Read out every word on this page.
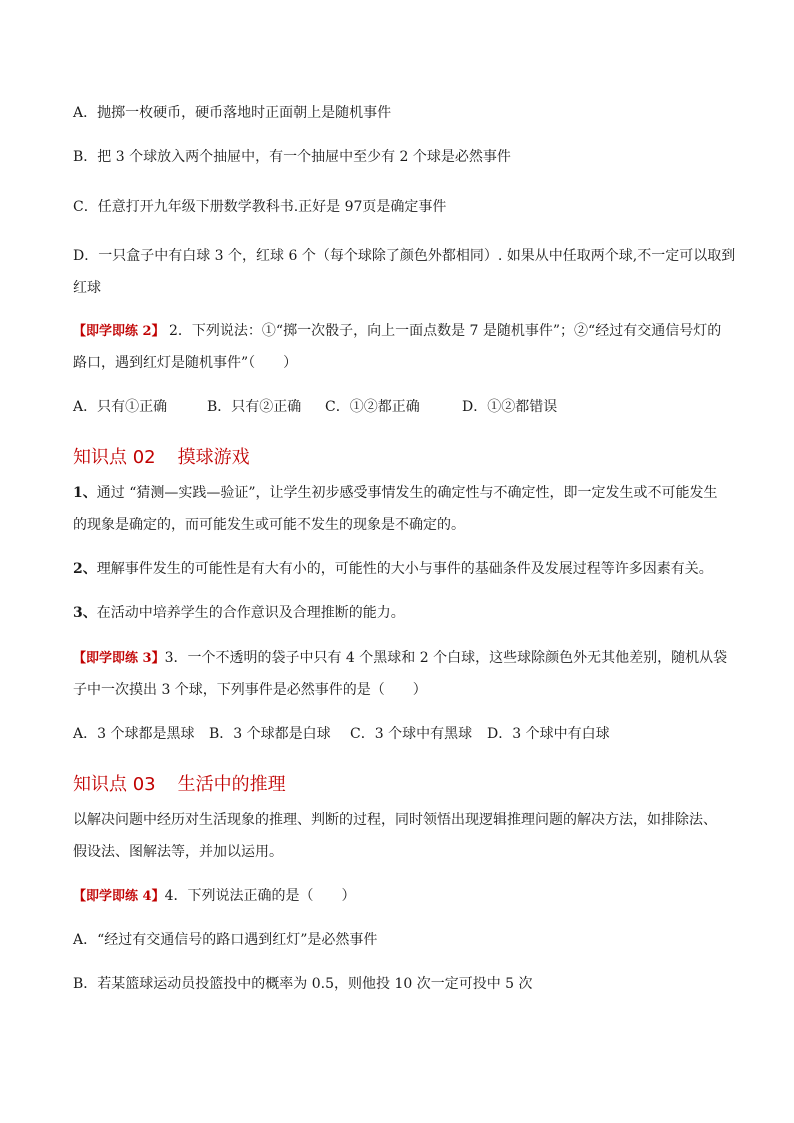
A．抛掷一枚硬币，硬币落地时正面朝上是随机事件
B．把 3 个球放入两个抽屉中，有一个抽屉中至少有 2 个球是必然事件
C．任意打开九年级下册数学教科书.正好是 97页是确定事件
D．一只盒子中有白球 3 个，红球 6 个（每个球除了颜色外都相同）. 如果从中任取两个球,不一定可以取到
红球
【即学即练 2】 2．下列说法：①“掷一次骰子，向上一面点数是 7 是随机事件”；②“经过有交通信号灯的
路口，遇到红灯是随机事件”（　　）
A．只有①正确	B．只有②正确 C．①②都正确	D．①②都错误
知识点 02 摸球游戏
1、通过 “猜测—实践—验证”，让学生初步感受事情发生的确定性与不确定性，即一定发生或不可能发生
的现象是确定的，而可能发生或可能不发生的现象是不确定的。
2、理解事件发生的可能性是有大有小的，可能性的大小与事件的基础条件及发展过程等许多因素有关。
3、在活动中培养学生的合作意识及合理推断的能力。
【即学即练 3】3．一个不透明的袋子中只有 4 个黑球和 2 个白球，这些球除颜色外无其他差别，随机从袋
子中一次摸出 3 个球，下列事件是必然事件的是（　　）
A．3 个球都是黑球 B．3 个球都是白球 C．3 个球中有黑球 D．3 个球中有白球
知识点 03 生活中的推理
以解决问题中经历对生活现象的推理、判断的过程，同时领悟出现逻辑推理问题的解决方法，如排除法、
假设法、图解法等，并加以运用。
【即学即练 4】4．下列说法正确的是（　　）
A．“经过有交通信号的路口遇到红灯”是必然事件
B．若某篮球运动员投篮投中的概率为 0.5，则他投 10 次一定可投中 5 次
